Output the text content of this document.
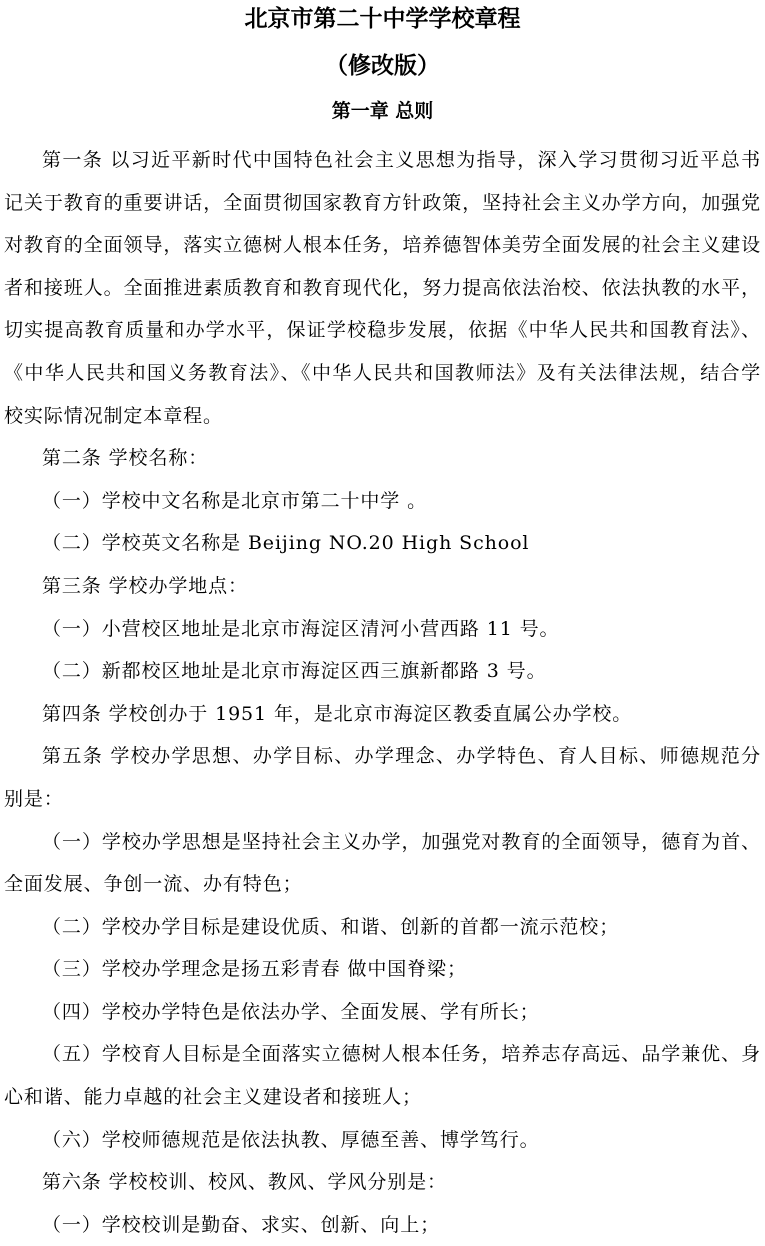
北京市第二十中学学校章程
（修改版）
第一章 总则

第一条 以习近平新时代中国特色社会主义思想为指导，深入学习贯彻习近平总书记关于教育的重要讲话，全面贯彻国家教育方针政策，坚持社会主义办学方向，加强党对教育的全面领导，落实立德树人根本任务，培养德智体美劳全面发展的社会主义建设者和接班人。全面推进素质教育和教育现代化，努力提高依法治校、依法执教的水平，切实提高教育质量和办学水平，保证学校稳步发展，依据《中华人民共和国教育法》、《中华人民共和国义务教育法》、《中华人民共和国教师法》及有关法律法规，结合学校实际情况制定本章程。

第二条 学校名称：

（一）学校中文名称是北京市第二十中学 。

（二）学校英文名称是 Beijing NO.20 High School

第三条 学校办学地点：

（一）小营校区地址是北京市海淀区清河小营西路 11 号。

（二）新都校区地址是北京市海淀区西三旗新都路 3 号。

第四条 学校创办于 1951 年，是北京市海淀区教委直属公办学校。

第五条 学校办学思想、办学目标、办学理念、办学特色、育人目标、师德规范分别是：

（一）学校办学思想是坚持社会主义办学，加强党对教育的全面领导，德育为首、全面发展、争创一流、办有特色；

（二）学校办学目标是建设优质、和谐、创新的首都一流示范校；

（三）学校办学理念是扬五彩青春 做中国脊梁；

（四）学校办学特色是依法办学、全面发展、学有所长；

（五）学校育人目标是全面落实立德树人根本任务，培养志存高远、品学兼优、身心和谐、能力卓越的社会主义建设者和接班人；

（六）学校师德规范是依法执教、厚德至善、博学笃行。

第六条 学校校训、校风、教风、学风分别是：

（一）学校校训是勤奋、求实、创新、向上；
